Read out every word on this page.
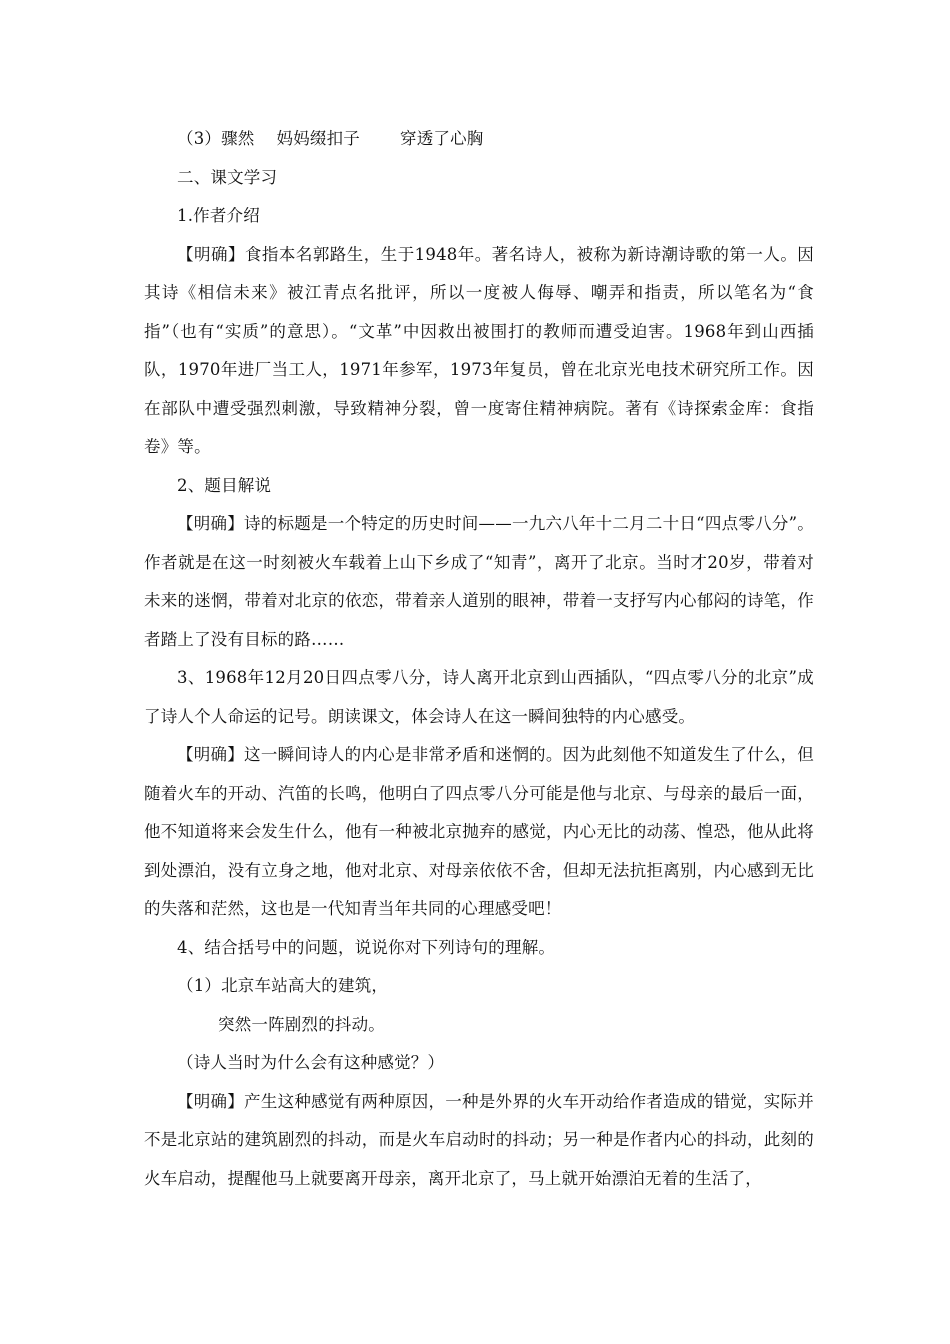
（3）骤然 妈妈缀扣子 穿透了心胸
二、课文学习
1.作者介绍

【明确】食指本名郭路生，生于1948年。著名诗人，被称为新诗潮诗歌的第一人。因其诗《相信未来》被江青点名批评，所以一度被人侮辱、嘲弄和指责，所以笔名为“食指”（也有“实质”的意思）。“文革”中因救出被围打的教师而遭受迫害。1968年到山西插队，1970年进厂当工人，1971年参军，1973年复员，曾在北京光电技术研究所工作。因在部队中遭受强烈刺激，导致精神分裂，曾一度寄住精神病院。著有《诗探索金库：食指卷》等。

2、题目解说

【明确】诗的标题是一个特定的历史时间——一九六八年十二月二十日“四点零八分”。作者就是在这一时刻被火车载着上山下乡成了“知青”，离开了北京。当时才20岁，带着对未来的迷惘，带着对北京的依恋，带着亲人道别的眼神，带着一支抒写内心郁闷的诗笔，作者踏上了没有目标的路……

3、1968年12月20日四点零八分，诗人离开北京到山西插队，“四点零八分的北京”成了诗人个人命运的记号。朗读课文，体会诗人在这一瞬间独特的内心感受。

【明确】这一瞬间诗人的内心是非常矛盾和迷惘的。因为此刻他不知道发生了什么，但随着火车的开动、汽笛的长鸣，他明白了四点零八分可能是他与北京、与母亲的最后一面，他不知道将来会发生什么，他有一种被北京抛弃的感觉，内心无比的动荡、惶恐，他从此将到处漂泊，没有立身之地，他对北京、对母亲依依不舍，但却无法抗拒离别，内心感到无比的失落和茫然，这也是一代知青当年共同的心理感受吧！

4、结合括号中的问题，说说你对下列诗句的理解。
（1）北京车站高大的建筑，
突然一阵剧烈的抖动。
（诗人当时为什么会有这种感觉？）

【明确】产生这种感觉有两种原因，一种是外界的火车开动给作者造成的错觉，实际并不是北京站的建筑剧烈的抖动，而是火车启动时的抖动；另一种是作者内心的抖动，此刻的火车启动，提醒他马上就要离开母亲，离开北京了，马上就开始漂泊无着的生活了，
